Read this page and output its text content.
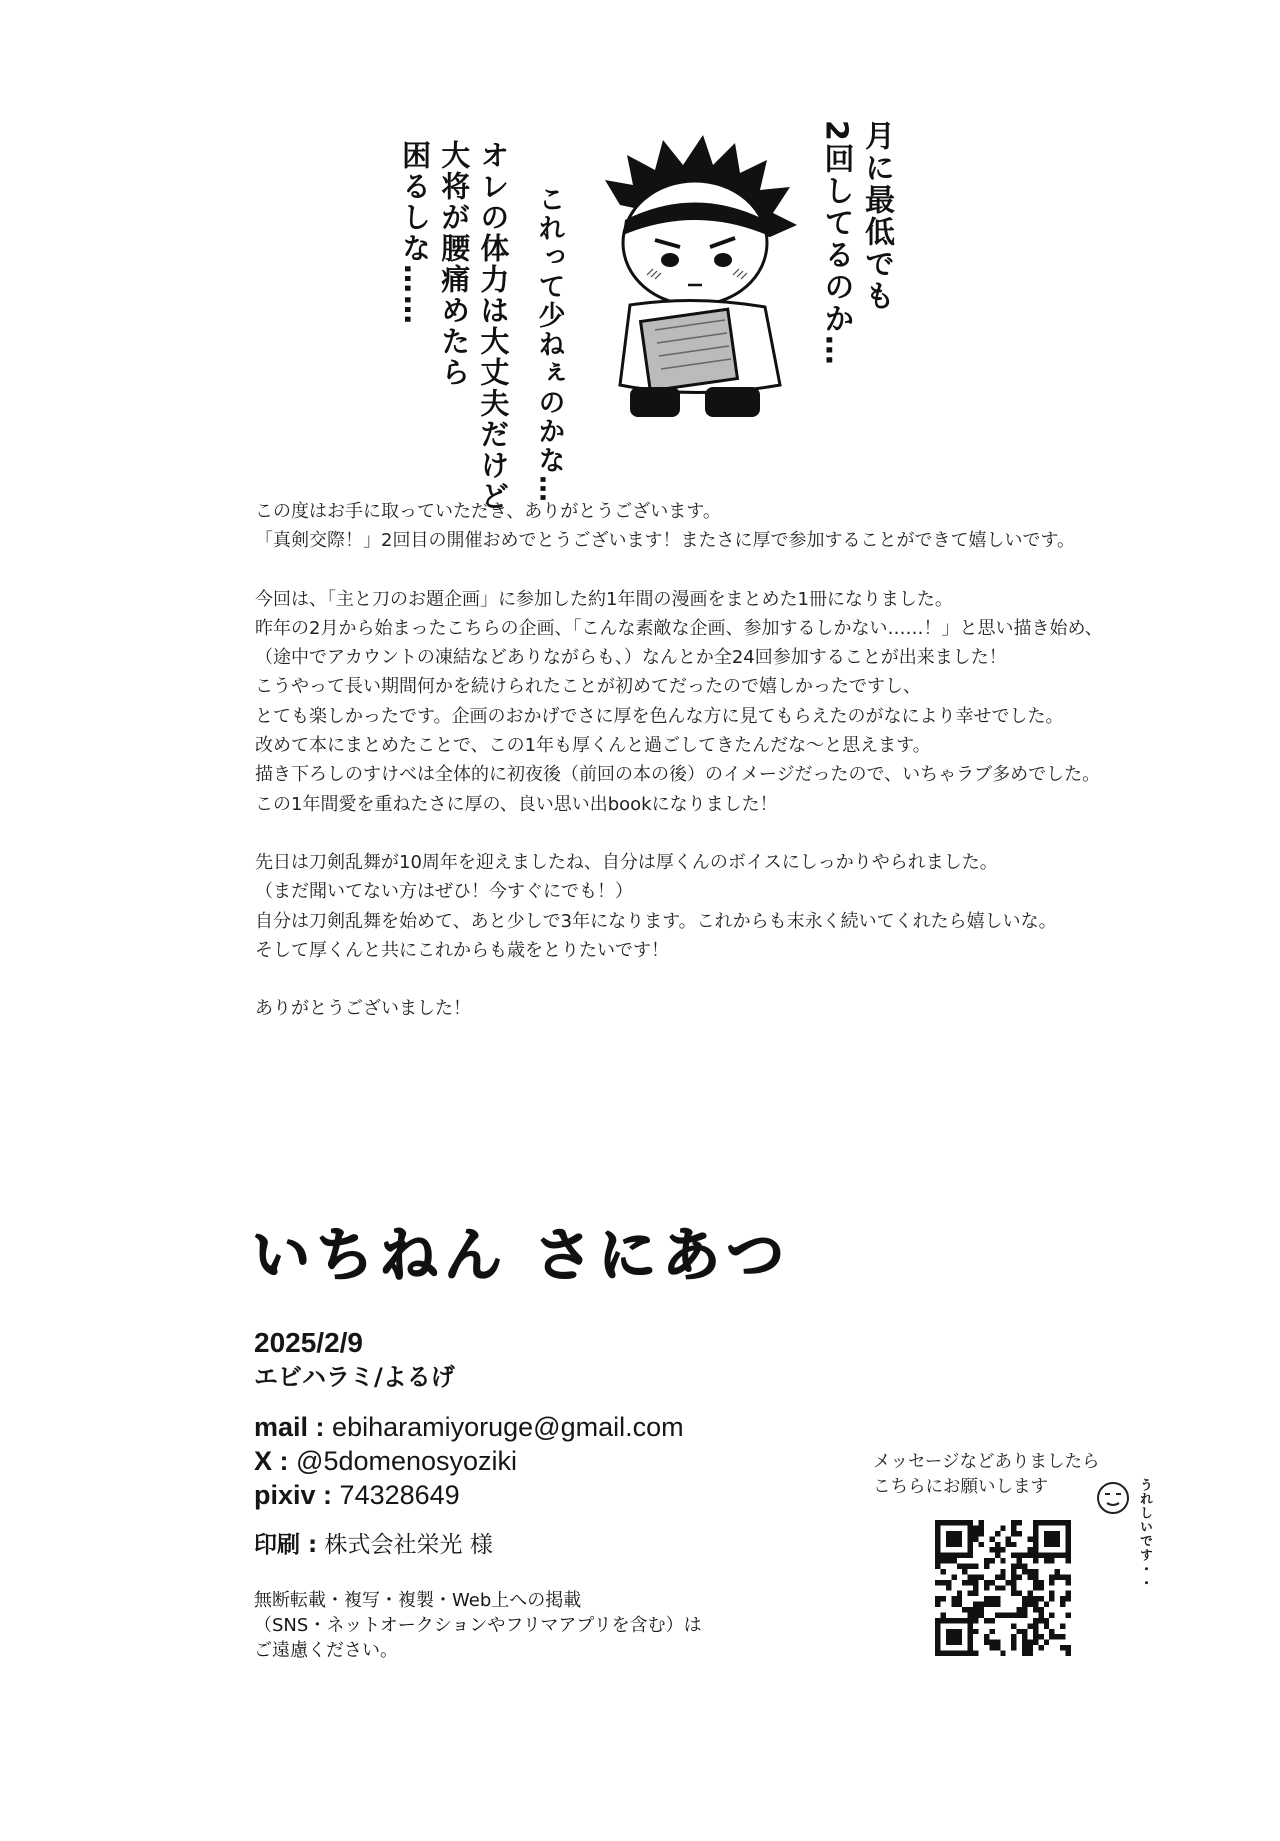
月に最低でも
2回してるのか…
これって少ねぇのかな…
オレの体力は大丈夫だけど
大将が腰痛めたら
困るしな……

この度はお手に取っていただき、ありがとうございます。

「真剣交際！」2回目の開催おめでとうございます！またさに厚で参加することができて嬉しいです。

今回は、「主と刀のお題企画」に参加した約1年間の漫画をまとめた1冊になりました。

昨年の2月から始まったこちらの企画、「こんな素敵な企画、参加するしかない……！」と思い描き始め、

（途中でアカウントの凍結などありながらも、）なんとか全24回参加することが出来ました！

こうやって長い期間何かを続けられたことが初めてだったので嬉しかったですし、

とても楽しかったです。企画のおかげでさに厚を色んな方に見てもらえたのがなにより幸せでした。

改めて本にまとめたことで、この1年も厚くんと過ごしてきたんだな〜と思えます。

描き下ろしのすけべは全体的に初夜後（前回の本の後）のイメージだったので、いちゃラブ多めでした。

この1年間愛を重ねたさに厚の、良い思い出bookになりました！

先日は刀剣乱舞が10周年を迎えましたね、自分は厚くんのボイスにしっかりやられました。

（まだ聞いてない方はぜひ！今すぐにでも！）

自分は刀剣乱舞を始めて、あと少しで3年になります。これからも末永く続いてくれたら嬉しいな。

そして厚くんと共にこれからも歳をとりたいです！

ありがとうございました！

いちねん さにあつ
2025/2/9
エビハラミ/よるげ
mail : ebiharamiyoruge@gmail.com
X : @5domenosyoziki
pixiv : 74328649
印刷 : 株式会社栄光 様

無断転載・複写・複製・Web上への掲載

（SNS・ネットオークションやフリマアプリを含む）は

ご遠慮ください。

メッセージなどありましたら

こちらにお願いします	うれしいです・・
